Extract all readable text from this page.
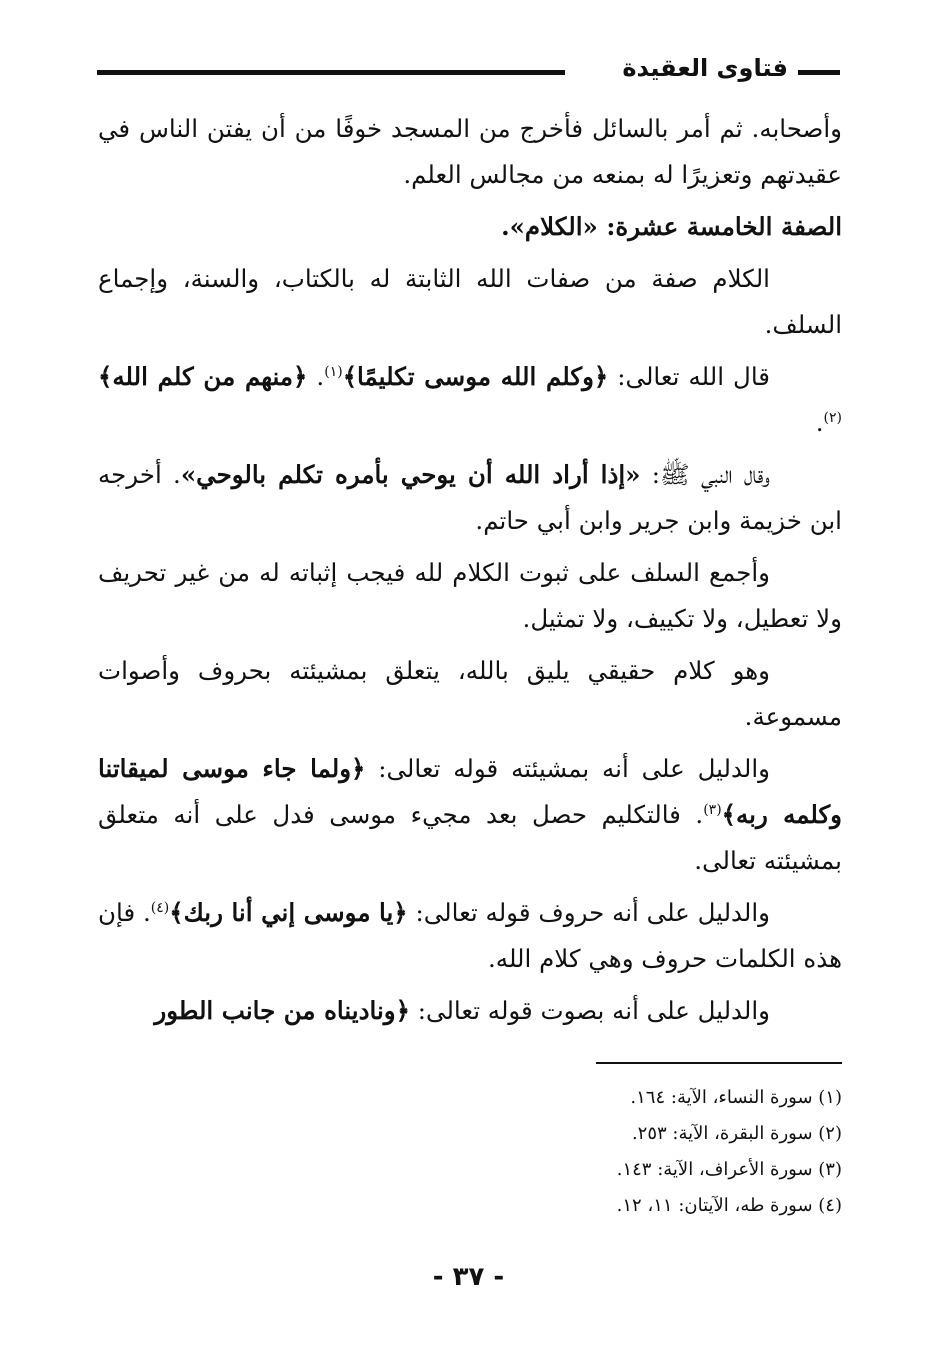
فتاوى العقيدة

وأصحابه. ثم أمر بالسائل فأخرج من المسجد خوفًا من أن يفتن الناس في عقيدتهم وتعزيرًا له بمنعه من مجالس العلم.

الصفة الخامسة عشرة: «الكلام».

الكلام صفة من صفات الله الثابتة له بالكتاب، والسنة، وإجماع السلف.

قال الله تعالى: ﴿وكلم الله موسى تكليمًا﴾$^{(١)}$. ﴿منهم من كلم الله﴾$^{(٢)}$.

وقال النبي ﷺ: «إذا أراد الله أن يوحي بأمره تكلم بالوحي». أخرجه ابن خزيمة وابن جرير وابن أبي حاتم.

وأجمع السلف على ثبوت الكلام لله فيجب إثباته له من غير تحريف ولا تعطيل، ولا تكييف، ولا تمثيل.

وهو كلام حقيقي يليق بالله، يتعلق بمشيئته بحروف وأصوات مسموعة.

والدليل على أنه بمشيئته قوله تعالى: ﴿ولما جاء موسى لميقاتنا وكلمه ربه﴾$^{(٣)}$. فالتكليم حصل بعد مجيء موسى فدل على أنه متعلق بمشيئته تعالى.

والدليل على أنه حروف قوله تعالى: ﴿يا موسى إني أنا ربك﴾$^{(٤)}$. فإن هذه الكلمات حروف وهي كلام الله.

والدليل على أنه بصوت قوله تعالى: ﴿وناديناه من جانب الطور

(١) سورة النساء، الآية: ١٦٤.
(٢) سورة البقرة، الآية: ٢٥٣.
(٣) سورة الأعراف، الآية: ١٤٣.
(٤) سورة طه، الآيتان: ١١، ١٢.
- ٣٧ -
